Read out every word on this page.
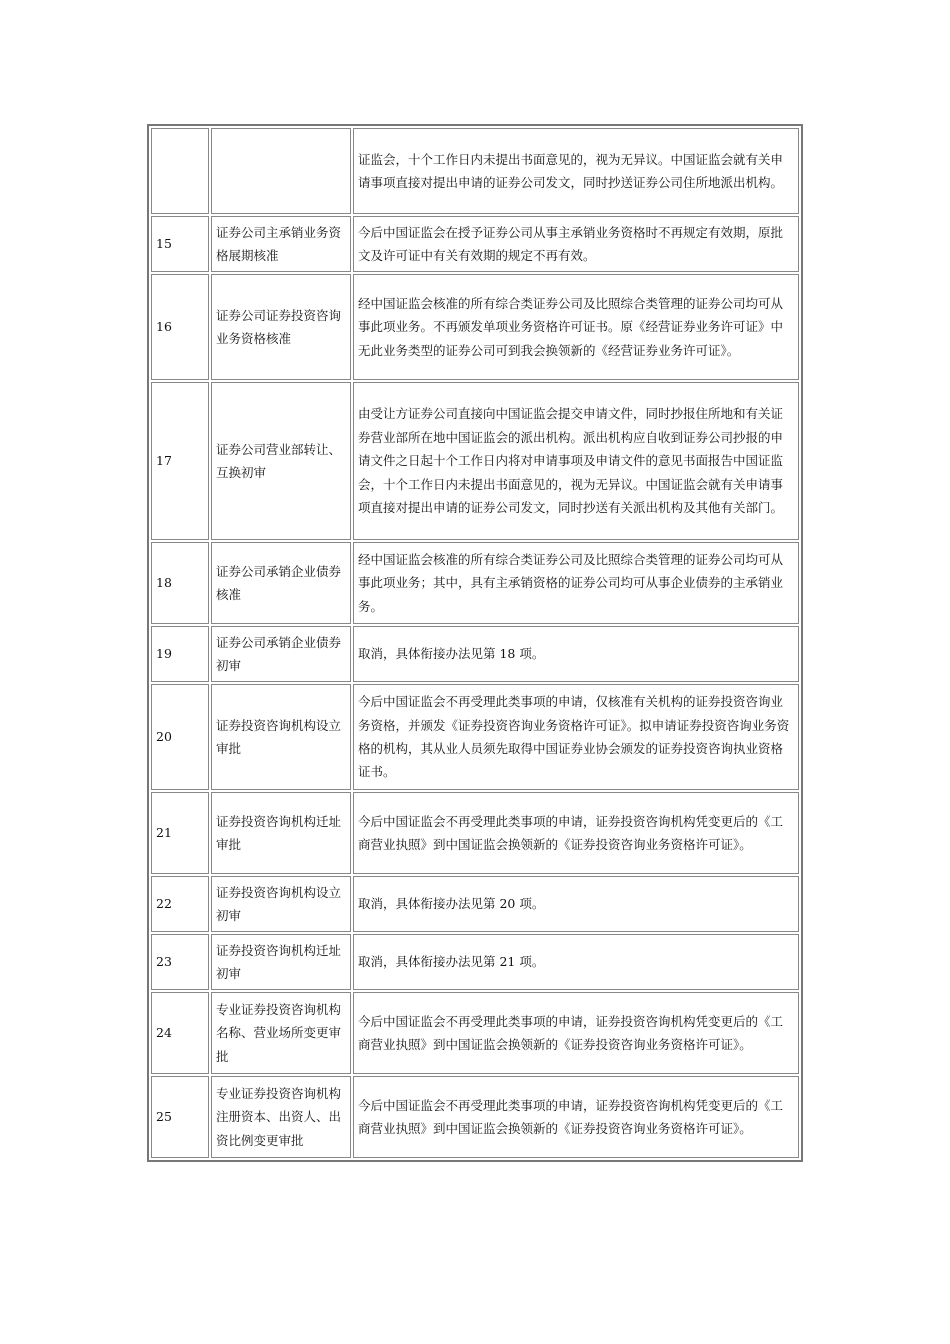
		证监会，十个工作日内未提出书面意见的，视为无异议。中国证监会就有关申请事项直接对提出申请的证券公司发文，同时抄送证券公司住所地派出机构。
15	证券公司主承销业务资格展期核准	今后中国证监会在授予证券公司从事主承销业务资格时不再规定有效期，原批文及许可证中有关有效期的规定不再有效。
16	证券公司证券投资咨询业务资格核准	经中国证监会核准的所有综合类证券公司及比照综合类管理的证券公司均可从事此项业务。不再颁发单项业务资格许可证书。原《经营证券业务许可证》中无此业务类型的证券公司可到我会换领新的《经营证券业务许可证》。
17	证券公司营业部转让、互换初审	由受让方证券公司直接向中国证监会提交申请文件，同时抄报住所地和有关证券营业部所在地中国证监会的派出机构。派出机构应自收到证券公司抄报的申请文件之日起十个工作日内将对申请事项及申请文件的意见书面报告中国证监会，十个工作日内未提出书面意见的，视为无异议。中国证监会就有关申请事项直接对提出申请的证券公司发文，同时抄送有关派出机构及其他有关部门。
18	证券公司承销企业债券核准	经中国证监会核准的所有综合类证券公司及比照综合类管理的证券公司均可从事此项业务；其中，具有主承销资格的证券公司均可从事企业债券的主承销业务。
19	证券公司承销企业债券初审	取消，具体衔接办法见第 18 项。
20	证券投资咨询机构设立审批	今后中国证监会不再受理此类事项的申请，仅核准有关机构的证券投资咨询业务资格，并颁发《证券投资咨询业务资格许可证》。拟申请证券投资咨询业务资格的机构，其从业人员须先取得中国证券业协会颁发的证券投资咨询执业资格证书。
21	证券投资咨询机构迁址审批	今后中国证监会不再受理此类事项的申请，证券投资咨询机构凭变更后的《工商营业执照》到中国证监会换领新的《证券投资咨询业务资格许可证》。
22	证券投资咨询机构设立初审	取消，具体衔接办法见第 20 项。
23	证券投资咨询机构迁址初审	取消，具体衔接办法见第 21 项。
24	专业证券投资咨询机构名称、营业场所变更审批	今后中国证监会不再受理此类事项的申请，证券投资咨询机构凭变更后的《工商营业执照》到中国证监会换领新的《证券投资咨询业务资格许可证》。
25	专业证券投资咨询机构注册资本、出资人、出资比例变更审批	今后中国证监会不再受理此类事项的申请，证券投资咨询机构凭变更后的《工商营业执照》到中国证监会换领新的《证券投资咨询业务资格许可证》。
